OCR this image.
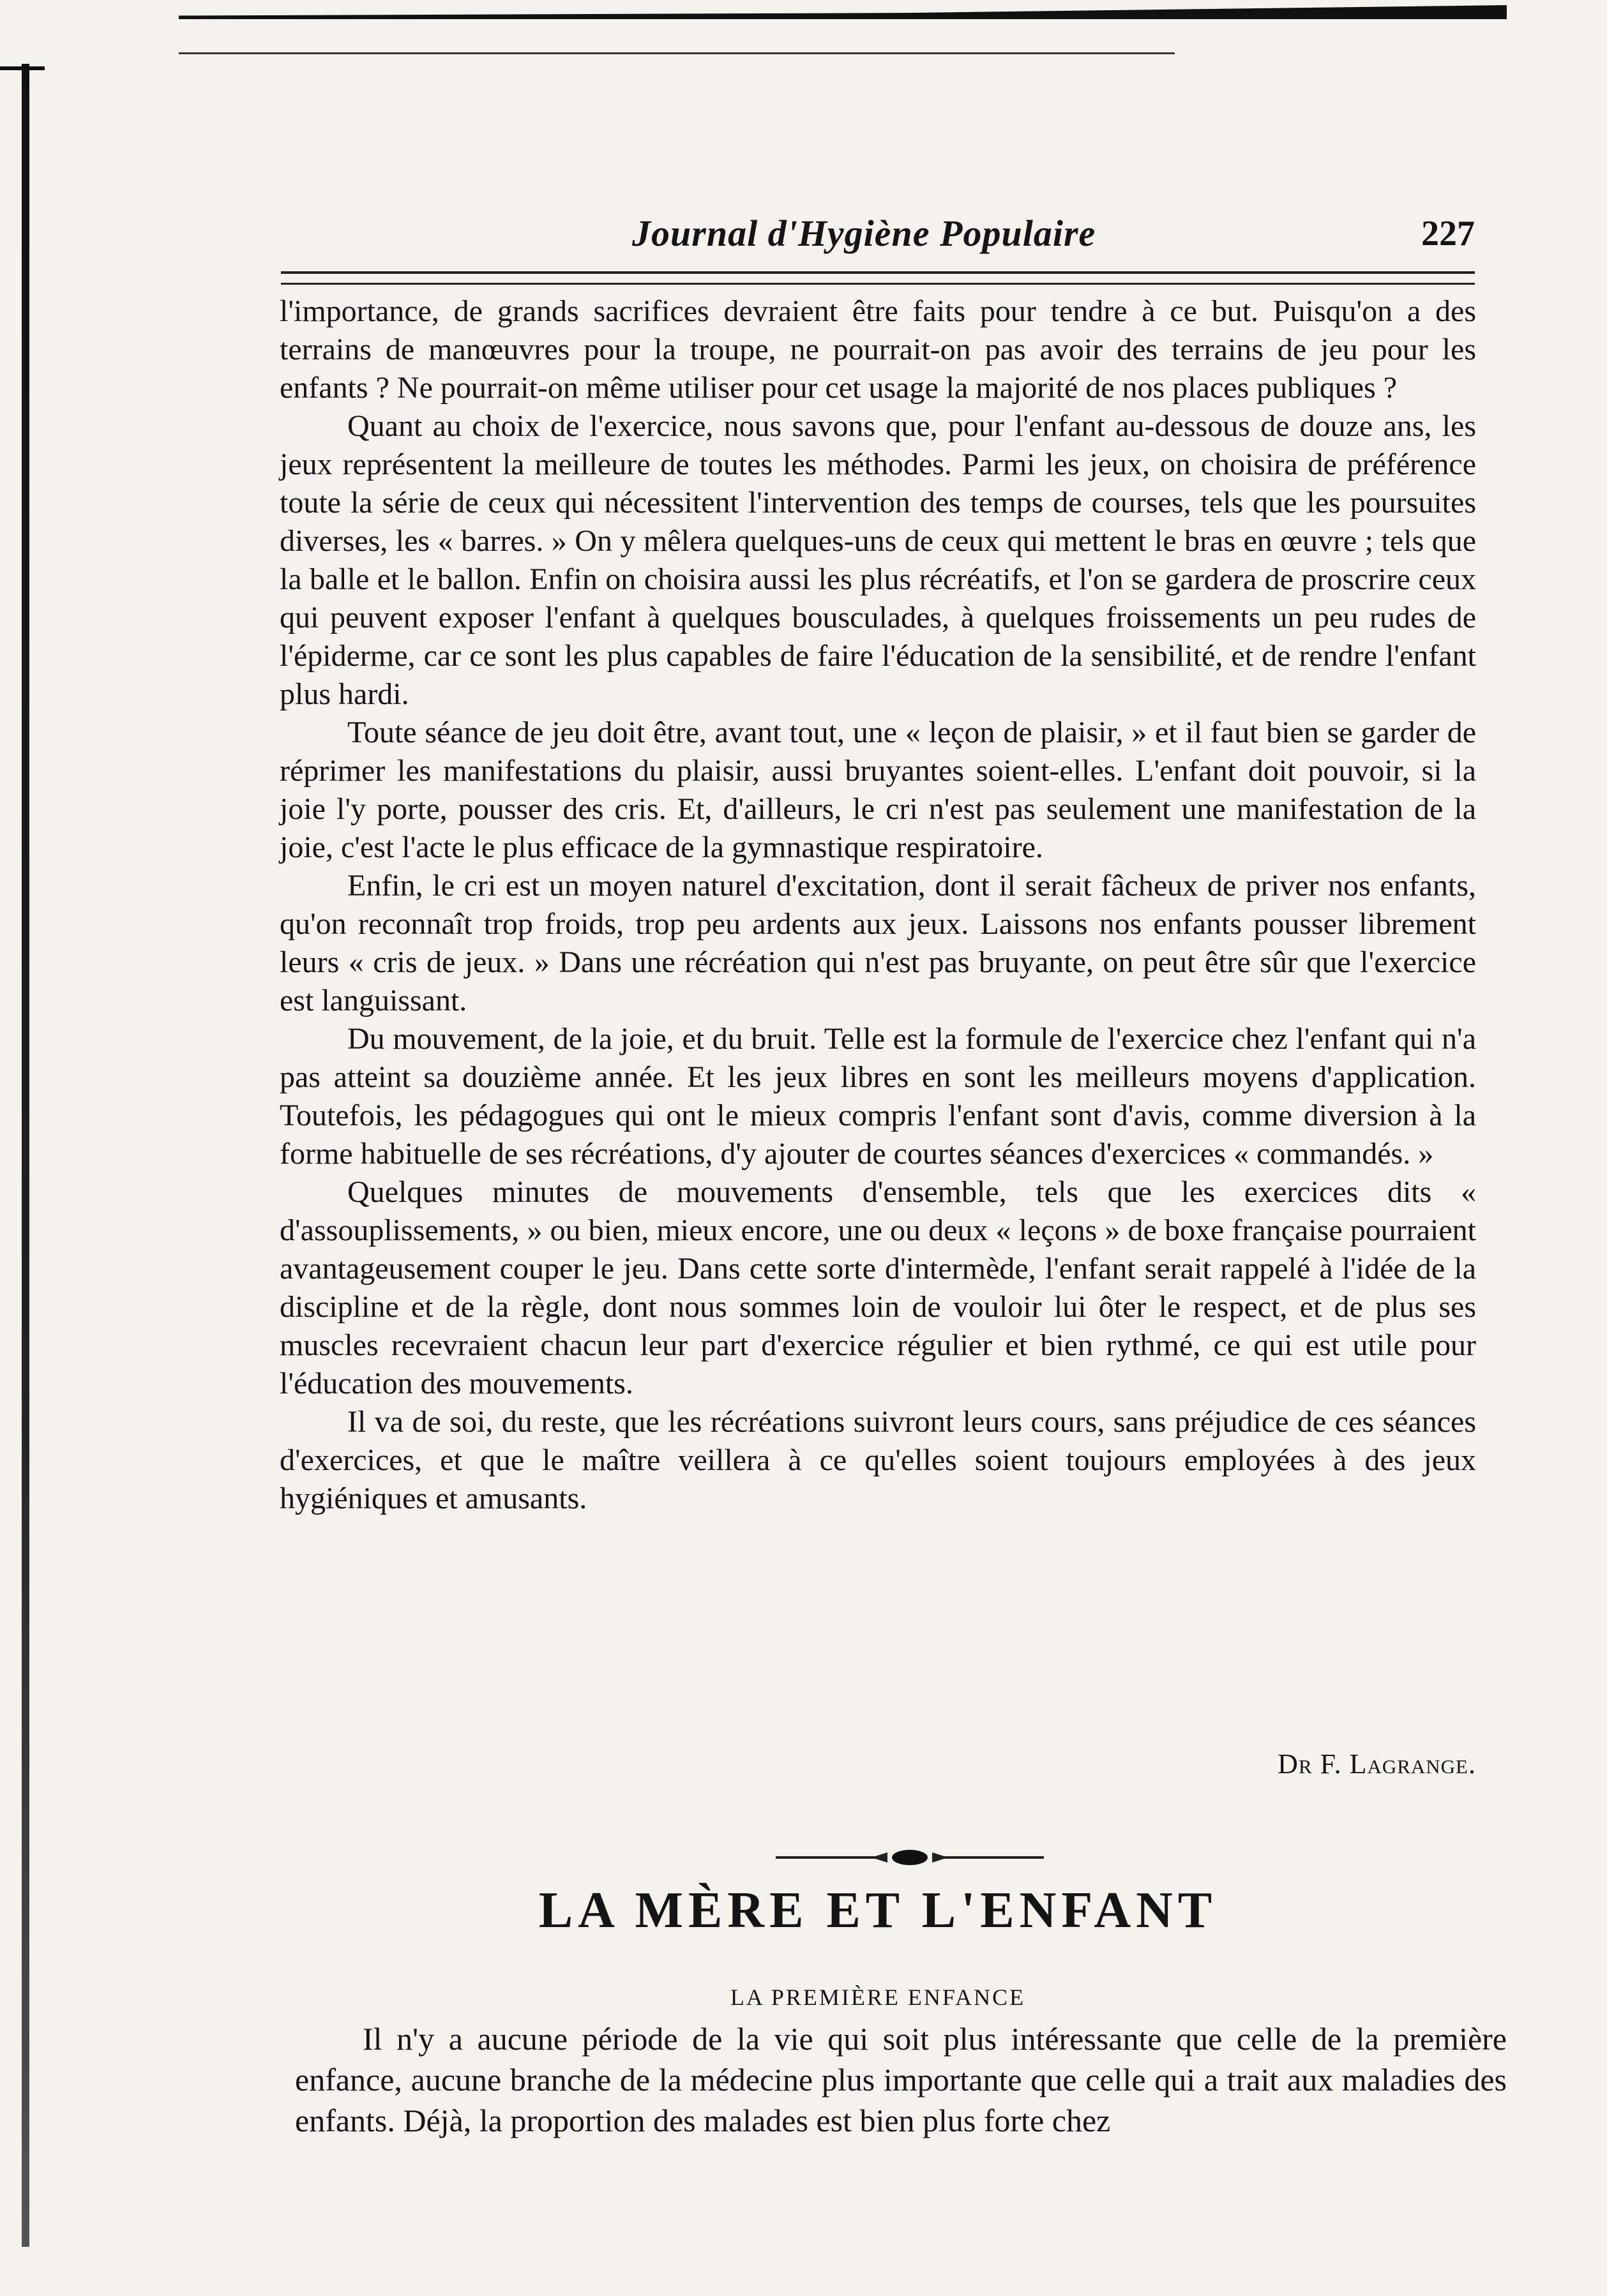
Journal d'Hygiène Populaire	227

l'importance, de grands sacrifices devraient être faits pour tendre à ce but. Puisqu'on a des terrains de manœuvres pour la troupe, ne pourrait-on pas avoir des terrains de jeu pour les enfants ? Ne pourrait-on même utiliser pour cet usage la majorité de nos places publiques ?

Quant au choix de l'exercice, nous savons que, pour l'enfant au-dessous de douze ans, les jeux représentent la meilleure de toutes les méthodes. Parmi les jeux, on choisira de préférence toute la série de ceux qui nécessitent l'intervention des temps de courses, tels que les poursuites diverses, les « barres. » On y mêlera quelques-uns de ceux qui mettent le bras en œuvre ; tels que la balle et le ballon. Enfin on choisira aussi les plus récréatifs, et l'on se gardera de proscrire ceux qui peuvent exposer l'enfant à quelques bousculades, à quelques froissements un peu rudes de l'épiderme, car ce sont les plus capables de faire l'éducation de la sensibilité, et de rendre l'enfant plus hardi.

Toute séance de jeu doit être, avant tout, une « leçon de plaisir, » et il faut bien se garder de réprimer les manifestations du plaisir, aussi bruyantes soient-elles. L'enfant doit pouvoir, si la joie l'y porte, pousser des cris. Et, d'ailleurs, le cri n'est pas seulement une manifestation de la joie, c'est l'acte le plus efficace de la gymnastique respiratoire.

Enfin, le cri est un moyen naturel d'excitation, dont il serait fâcheux de priver nos enfants, qu'on reconnaît trop froids, trop peu ardents aux jeux. Laissons nos enfants pousser librement leurs « cris de jeux. » Dans une récréation qui n'est pas bruyante, on peut être sûr que l'exercice est languissant.

Du mouvement, de la joie, et du bruit. Telle est la formule de l'exercice chez l'enfant qui n'a pas atteint sa douzième année. Et les jeux libres en sont les meilleurs moyens d'application. Toutefois, les pédagogues qui ont le mieux compris l'enfant sont d'avis, comme diversion à la forme habituelle de ses récréations, d'y ajouter de courtes séances d'exercices « commandés. »

Quelques minutes de mouvements d'ensemble, tels que les exercices dits « d'assouplissements, » ou bien, mieux encore, une ou deux « leçons » de boxe française pourraient avantageusement couper le jeu. Dans cette sorte d'intermède, l'enfant serait rappelé à l'idée de la discipline et de la règle, dont nous sommes loin de vouloir lui ôter le respect, et de plus ses muscles recevraient chacun leur part d'exercice régulier et bien rythmé, ce qui est utile pour l'éducation des mouvements.

Il va de soi, du reste, que les récréations suivront leurs cours, sans préjudice de ces séances d'exercices, et que le maître veillera à ce qu'elles soient toujours employées à des jeux hygiéniques et amusants.

Dr F. Lagrange.
LA MÈRE ET L'ENFANT
LA PREMIÈRE ENFANCE

Il n'y a aucune période de la vie qui soit plus intéressante que celle de la première enfance, aucune branche de la médecine plus importante que celle qui a trait aux maladies des enfants. Déjà, la proportion des malades est bien plus forte chez
